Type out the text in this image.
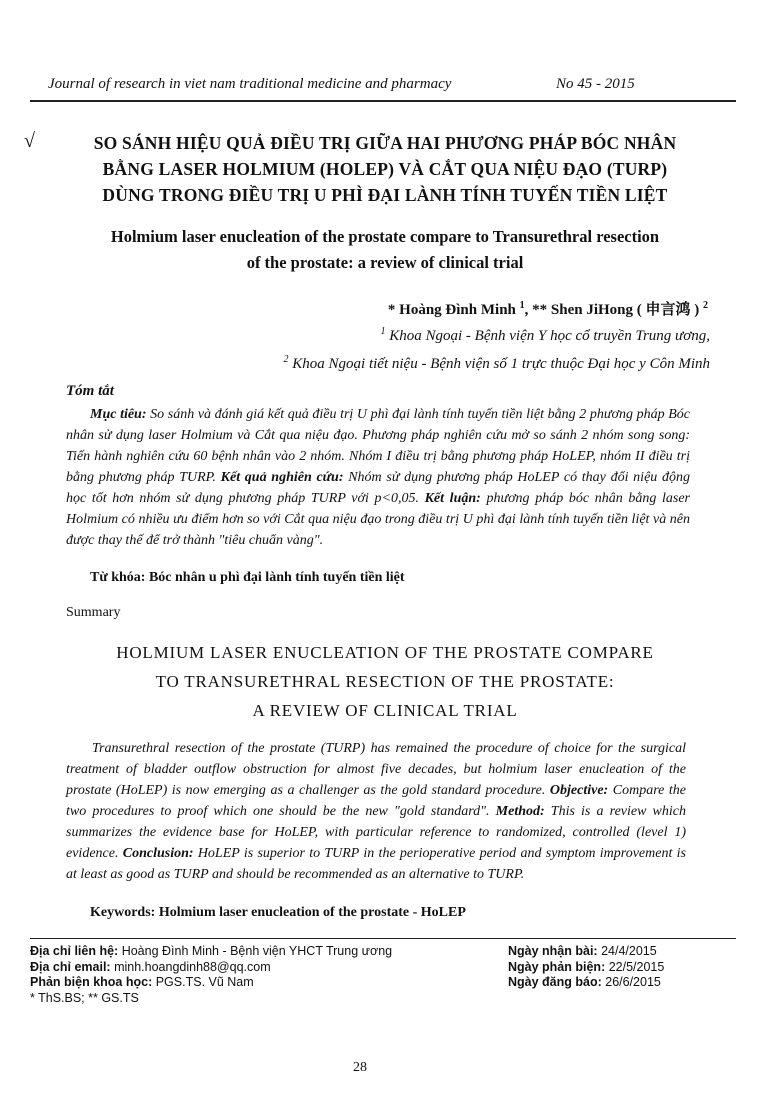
Journal of research in viet nam traditional medicine and pharmacy	No 45 - 2015
√	SO SÁNH HIỆU QUẢ ĐIỀU TRỊ GIỮA HAI PHƯƠNG PHÁP BÓC NHÂN
BẰNG LASER HOLMIUM (HOLEP) VÀ CẮT QUA NIỆU ĐẠO (TURP)
DÙNG TRONG ĐIỀU TRỊ U PHÌ ĐẠI LÀNH TÍNH TUYẾN TIỀN LIỆT
Holmium laser enucleation of the prostate compare to Transurethral resection
of the prostate: a review of clinical trial
* Hoàng Đình Minh $^1$, ** Shen JiHong ( 申言鸿 ) $^2$
$^1$ Khoa Ngoại - Bệnh viện Y học cổ truyền Trung ương,
$^2$ Khoa Ngoại tiết niệu - Bệnh viện số 1 trực thuộc Đại học y Côn Minh
Tóm tắt
Mục tiêu: So sánh và đánh giá kết quả điều trị U phì đại lành tính tuyến tiền liệt bằng 2 phương pháp Bóc nhân sử dụng laser Holmium và Cắt qua niệu đạo. Phương pháp nghiên cứu mở so sánh 2 nhóm song song: Tiến hành nghiên cứu 60 bệnh nhân vào 2 nhóm. Nhóm I điều trị bằng phương pháp HoLEP, nhóm II điều trị bằng phương pháp TURP. Kết quả nghiên cứu: Nhóm sử dụng phương pháp HoLEP có thay đổi niệu động học tốt hơn nhóm sử dụng phương pháp TURP với p<0,05. Kết luận: phương pháp bóc nhân bằng laser Holmium có nhiều ưu điểm hơn so với Cắt qua niệu đạo trong điều trị U phì đại lành tính tuyến tiền liệt và nên được thay thế để trở thành "tiêu chuẩn vàng".
Từ khóa: Bóc nhân u phì đại lành tính tuyến tiền liệt
Summary
HOLMIUM LASER ENUCLEATION OF THE PROSTATE COMPARE
TO TRANSURETHRAL RESECTION OF THE PROSTATE:
A REVIEW OF CLINICAL TRIAL
Transurethral resection of the prostate (TURP) has remained the procedure of choice for the surgical treatment of bladder outflow obstruction for almost five decades, but holmium laser enucleation of the prostate (HoLEP) is now emerging as a challenger as the gold standard procedure. Objective: Compare the two procedures to proof which one should be the new "gold standard". Method: This is a review which summarizes the evidence base for HoLEP, with particular reference to randomized, controlled (level 1) evidence. Conclusion: HoLEP is superior to TURP in the perioperative period and symptom improvement is at least as good as TURP and should be recommended as an alternative to TURP.
Keywords: Holmium laser enucleation of the prostate - HoLEP
Địa chỉ liên hệ: Hoàng Đình Minh - Bệnh viện YHCT Trung ương
Địa chỉ email: minh.hoangdinh88@qq.com
Phản biện khoa học: PGS.TS. Vũ Nam
* ThS.BS; ** GS.TS
Ngày nhận bài: 24/4/2015
Ngày phản biện: 22/5/2015
Ngày đăng báo: 26/6/2015
28
